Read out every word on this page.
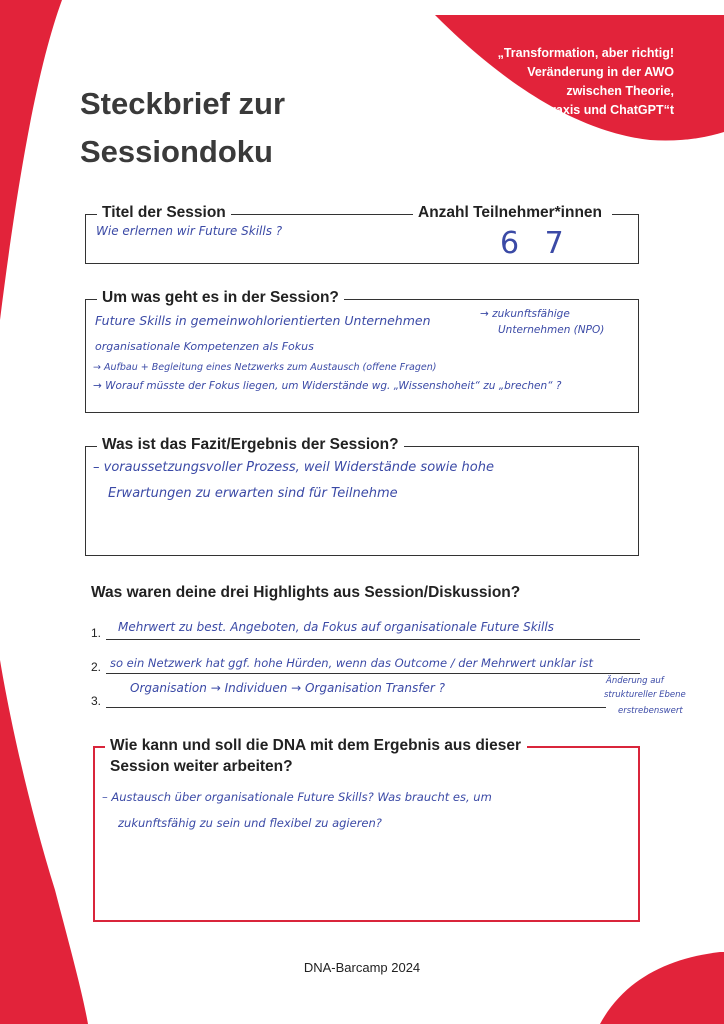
„Transformation, aber richtig!
Veränderung in der AWO
zwischen Theorie,
Praxis und ChatGPT“t
Steckbrief zur
Sessiondoku
Titel der Session	Anzahl Teilnehmer*innen
Wie erlernen wir Future Skills ?	6 7
Um was geht es in der Session?
Future Skills in gemeinwohlorientierten Unternehmen
organisationale Kompetenzen als Fokus
→ Aufbau + Begleitung eines Netzwerks zum Austausch (offene Fragen)
→ Worauf müsste der Fokus liegen, um Widerstände wg. „Wissenshoheit“ zu „brechen“ ?
→ zukunftsfähige
Unternehmen (NPO)
Was ist das Fazit/Ergebnis der Session?
– voraussetzungsvoller Prozess, weil Widerstände sowie hohe
Erwartungen zu erwarten sind für Teilnehme
Was waren deine drei Highlights aus Session/Diskussion?
1. Mehrwert zu best. Angeboten, da Fokus auf organisationale Future Skills
2. so ein Netzwerk hat ggf. hohe Hürden, wenn das Outcome / der Mehrwert unklar ist
3.
Organisation → Individuen → Organisation Transfer ?	Änderung auf
struktureller Ebene
erstrebenswert
Wie kann und soll die DNA mit dem Ergebnis aus dieser
Session weiter arbeiten?
– Austausch über organisationale Future Skills? Was braucht es, um
zukunftsfähig zu sein und flexibel zu agieren?
DNA-Barcamp 2024
